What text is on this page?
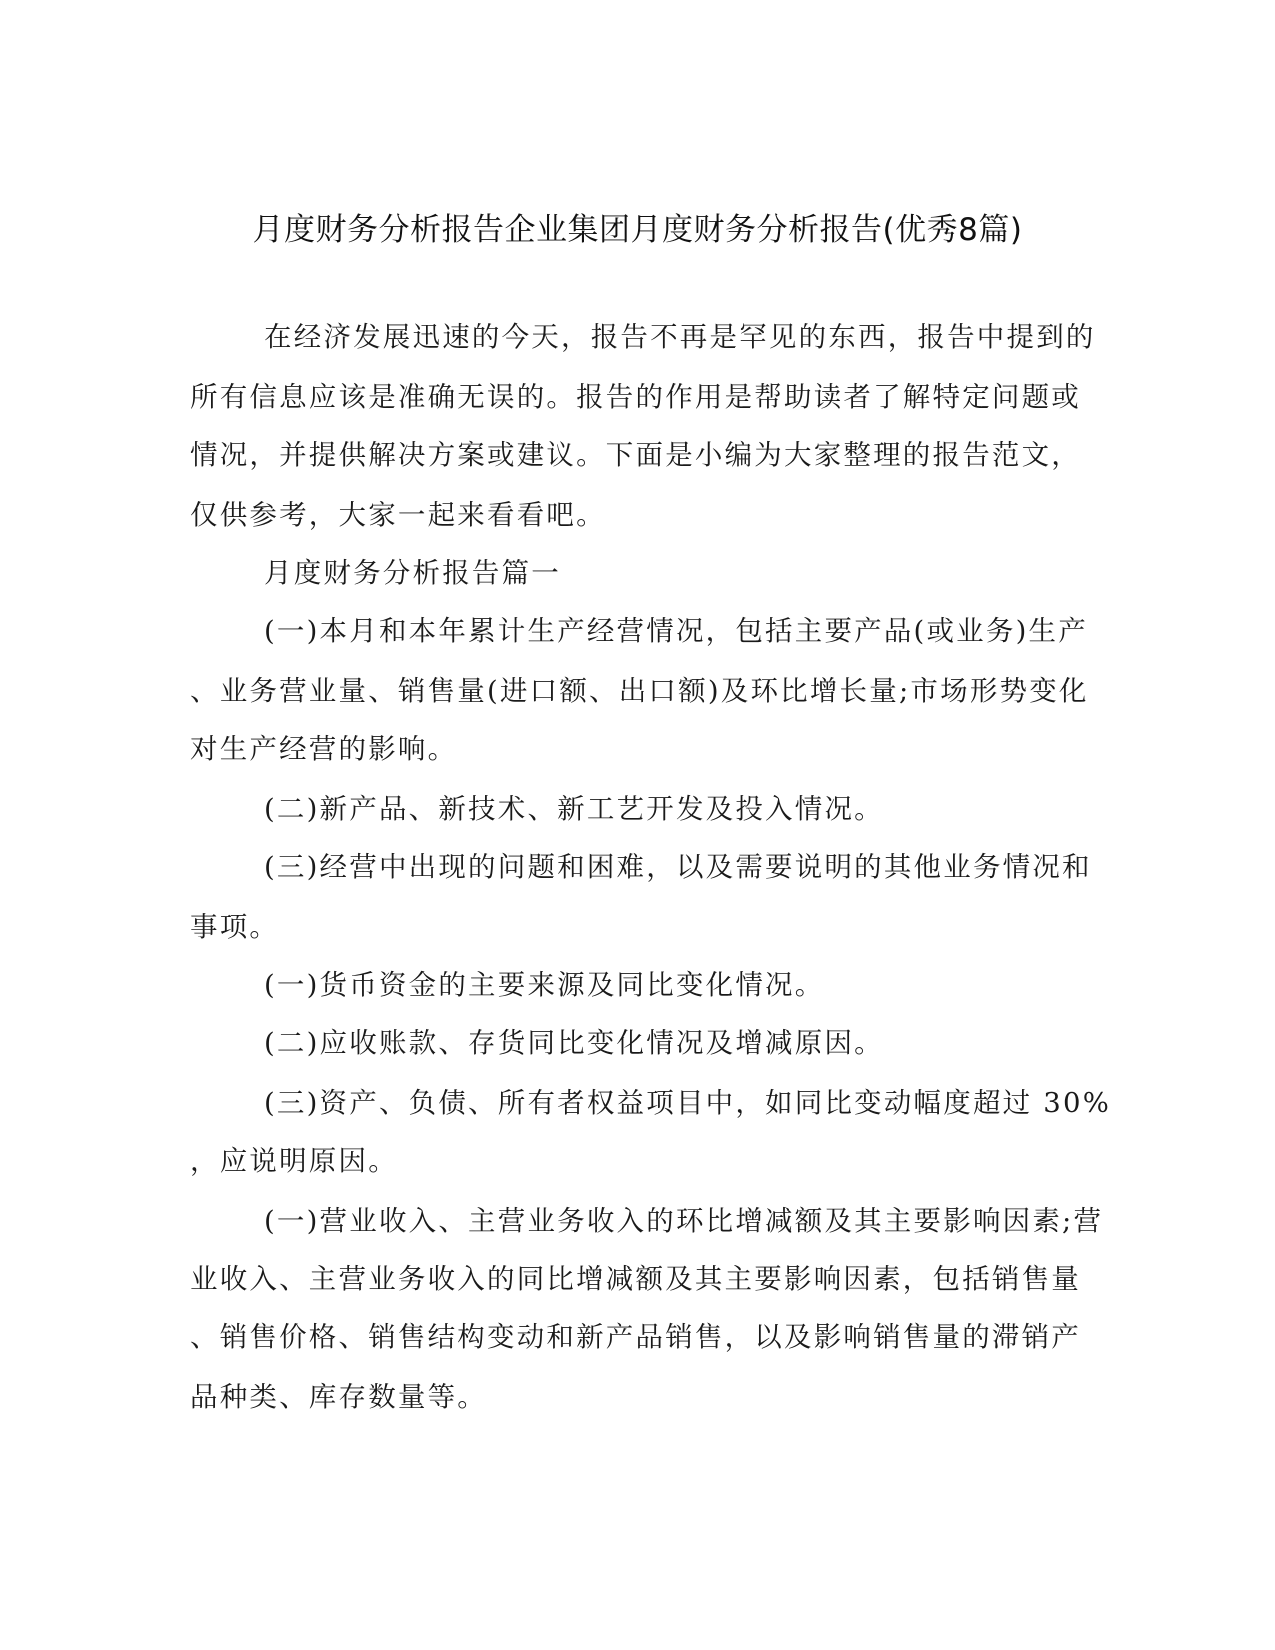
月度财务分析报告企业集团月度财务分析报告(优秀8篇)
在经济发展迅速的今天，报告不再是罕见的东西，报告中提到的
所有信息应该是准确无误的。报告的作用是帮助读者了解特定问题或
情况，并提供解决方案或建议。下面是小编为大家整理的报告范文，
仅供参考，大家一起来看看吧。
月度财务分析报告篇一
(一)本月和本年累计生产经营情况，包括主要产品(或业务)生产
、业务营业量、销售量(进口额、出口额)及环比增长量;市场形势变化
对生产经营的影响。
(二)新产品、新技术、新工艺开发及投入情况。
(三)经营中出现的问题和困难，以及需要说明的其他业务情况和
事项。
(一)货币资金的主要来源及同比变化情况。
(二)应收账款、存货同比变化情况及增减原因。
(三)资产、负债、所有者权益项目中，如同比变动幅度超过 30%
，应说明原因。
(一)营业收入、主营业务收入的环比增减额及其主要影响因素;营
业收入、主营业务收入的同比增减额及其主要影响因素，包括销售量
、销售价格、销售结构变动和新产品销售，以及影响销售量的滞销产
品种类、库存数量等。
